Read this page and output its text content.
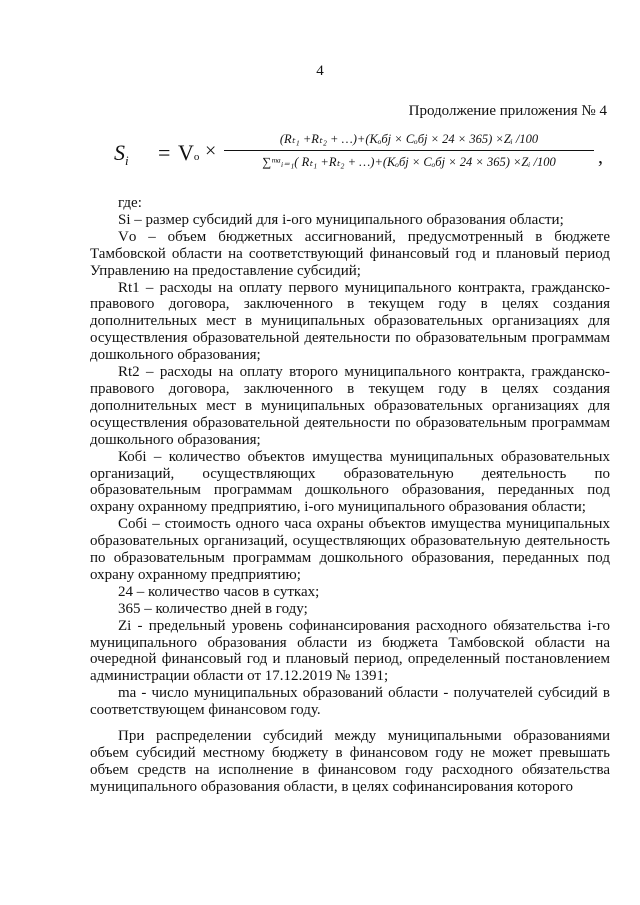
4
Продолжение приложения № 4
$S_i$ = Vо ×
(Rₜ₁ +Rₜ₂ + …)+(Kₒбj × Cₒбj × 24 × 365) ×Zᵢ /100
∑ᵐᵃᵢ₌₁( Rₜ₁ +Rₜ₂ + …)+(Kₒбj × Cₒбj × 24 × 365) ×Zᵢ /100	,

где:

Si – размер субсидий для i-ого муниципального образования области;

Vо – объем бюджетных ассигнований, предусмотренный в бюджете Тамбовской области на соответствующий финансовый год и плановый период Управлению на предоставление субсидий;

Rt1 – расходы на оплату первого муниципального контракта, гражданско-правового договора, заключенного в текущем году в целях создания дополнительных мест в муниципальных образовательных организациях для осуществления образовательной деятельности по образовательным программам дошкольного образования;

Rt2 – расходы на оплату второго муниципального контракта, гражданско-правового договора, заключенного в текущем году в целях создания дополнительных мест в муниципальных образовательных организациях для осуществления образовательной деятельности по образовательным программам дошкольного образования;

Кобі – количество объектов имущества муниципальных образовательных организаций, осуществляющих образовательную деятельность по образовательным программам дошкольного образования, переданных под охрану охранному предприятию, i-ого муниципального образования области;

Собі – стоимость одного часа охраны объектов имущества муниципальных образовательных организаций, осуществляющих образовательную деятельность по образовательным программам дошкольного образования, переданных под охрану охранному предприятию;

24 – количество часов в сутках;

365 – количество дней в году;

Zi - предельный уровень софинансирования расходного обязательства i-го муниципального образования области из бюджета Тамбовской области на очередной финансовый год и плановый период, определенный постановлением администрации области от 17.12.2019 № 1391;

ma - число муниципальных образований области - получателей субсидий в соответствующем финансовом году.

При распределении субсидий между муниципальными образованиями объем субсидий местному бюджету в финансовом году не может превышать объем средств на исполнение в финансовом году расходного обязательства муниципального образования области, в целях софинансирования которого
